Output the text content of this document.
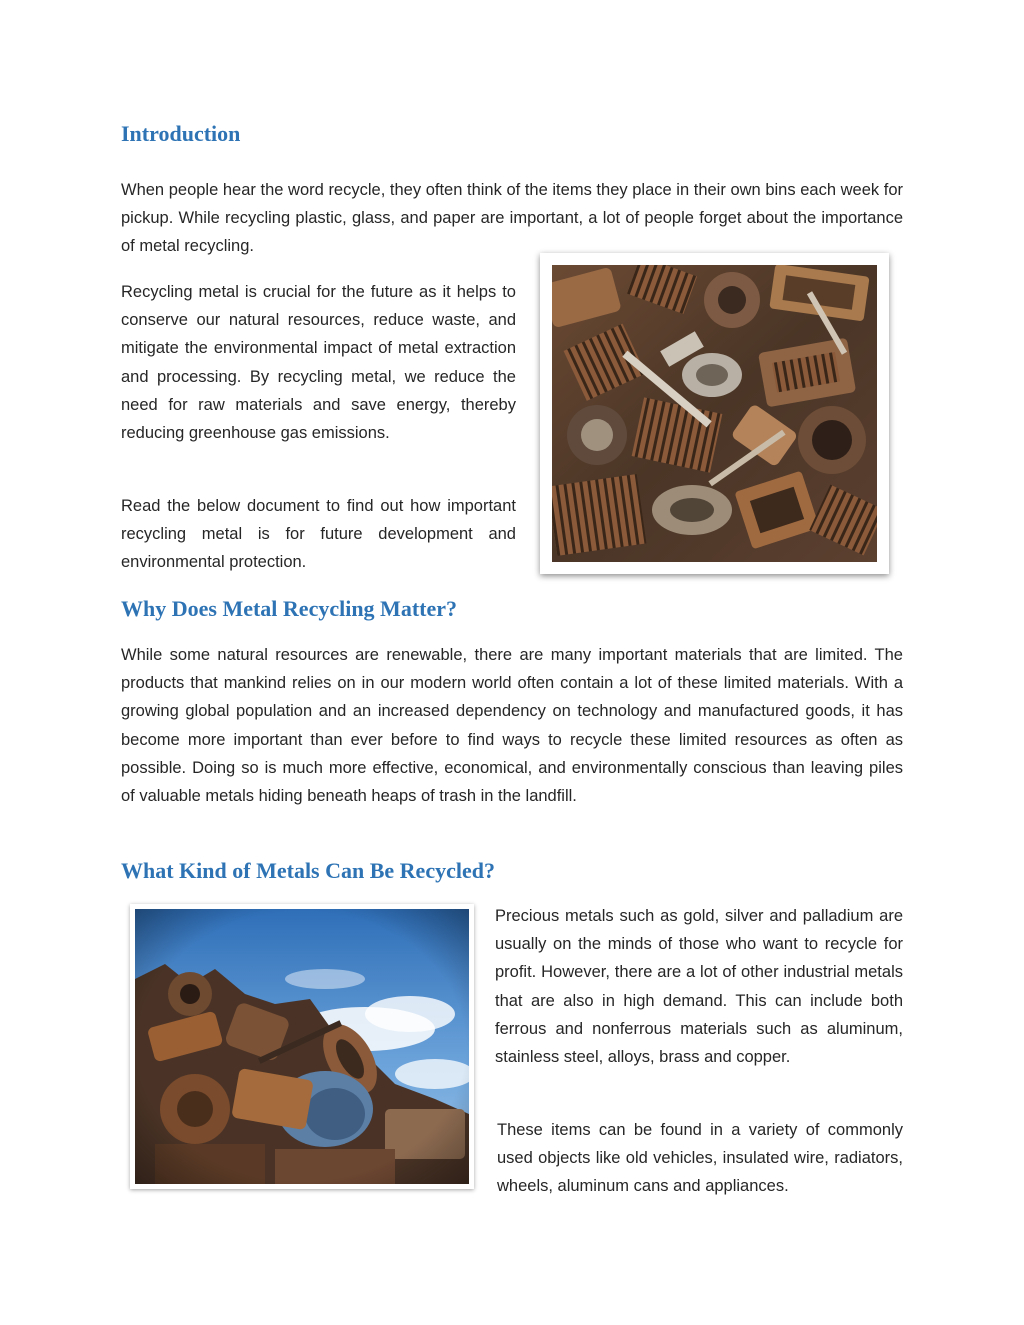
Introduction

When people hear the word recycle, they often think of the items they place in their own bins each week for pickup. While recycling plastic, glass, and paper are important, a lot of people forget about the importance of metal recycling.

Recycling metal is crucial for the future as it helps to conserve our natural resources, reduce waste, and mitigate the environmental impact of metal extraction and processing. By recycling metal, we reduce the need for raw materials and save energy, thereby reducing greenhouse gas emissions.

Read the below document to find out how important recycling metal is for future development and environmental protection.

Why Does Metal Recycling Matter?

While some natural resources are renewable, there are many important materials that are limited. The products that mankind relies on in our modern world often contain a lot of these limited materials. With a growing global population and an increased dependency on technology and manufactured goods, it has become more important than ever before to find ways to recycle these limited resources as often as possible. Doing so is much more effective, economical, and environmentally conscious than leaving piles of valuable metals hiding beneath heaps of trash in the landfill.

What Kind of Metals Can Be Recycled?

Precious metals such as gold, silver and palladium are usually on the minds of those who want to recycle for profit. However, there are a lot of other industrial metals that are also in high demand. This can include both ferrous and nonferrous materials such as aluminum, stainless steel, alloys, brass and copper.

These items can be found in a variety of commonly used objects like old vehicles, insulated wire, radiators, wheels, aluminum cans and appliances.
